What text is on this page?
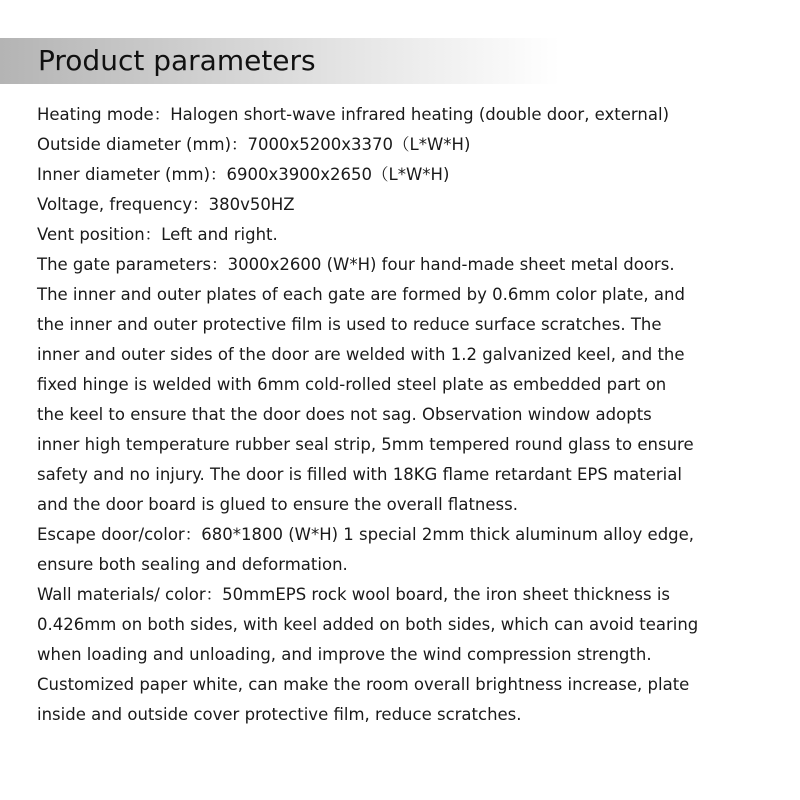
Product parameters
Heating mode：Halogen short-wave infrared heating (double door, external)
Outside diameter (mm)：7000x5200x3370（L*W*H)
Inner diameter (mm)：6900x3900x2650（L*W*H)
Voltage, frequency：380v50HZ
Vent position：Left and right.
The gate parameters：3000x2600 (W*H) four hand-made sheet metal doors.
The inner and outer plates of each gate are formed by 0.6mm color plate, and
the inner and outer protective film is used to reduce surface scratches. The
inner and outer sides of the door are welded with 1.2 galvanized keel, and the
fixed hinge is welded with 6mm cold-rolled steel plate as embedded part on
the keel to ensure that the door does not sag. Observation window adopts
inner high temperature rubber seal strip, 5mm tempered round glass to ensure
safety and no injury. The door is filled with 18KG flame retardant EPS material
and the door board is glued to ensure the overall flatness.
Escape door/color：680*1800 (W*H) 1 special 2mm thick aluminum alloy edge,
ensure both sealing and deformation.
Wall materials/ color：50mmEPS rock wool board, the iron sheet thickness is
0.426mm on both sides, with keel added on both sides, which can avoid tearing
when loading and unloading, and improve the wind compression strength.
Customized paper white, can make the room overall brightness increase, plate
inside and outside cover protective film, reduce scratches.
